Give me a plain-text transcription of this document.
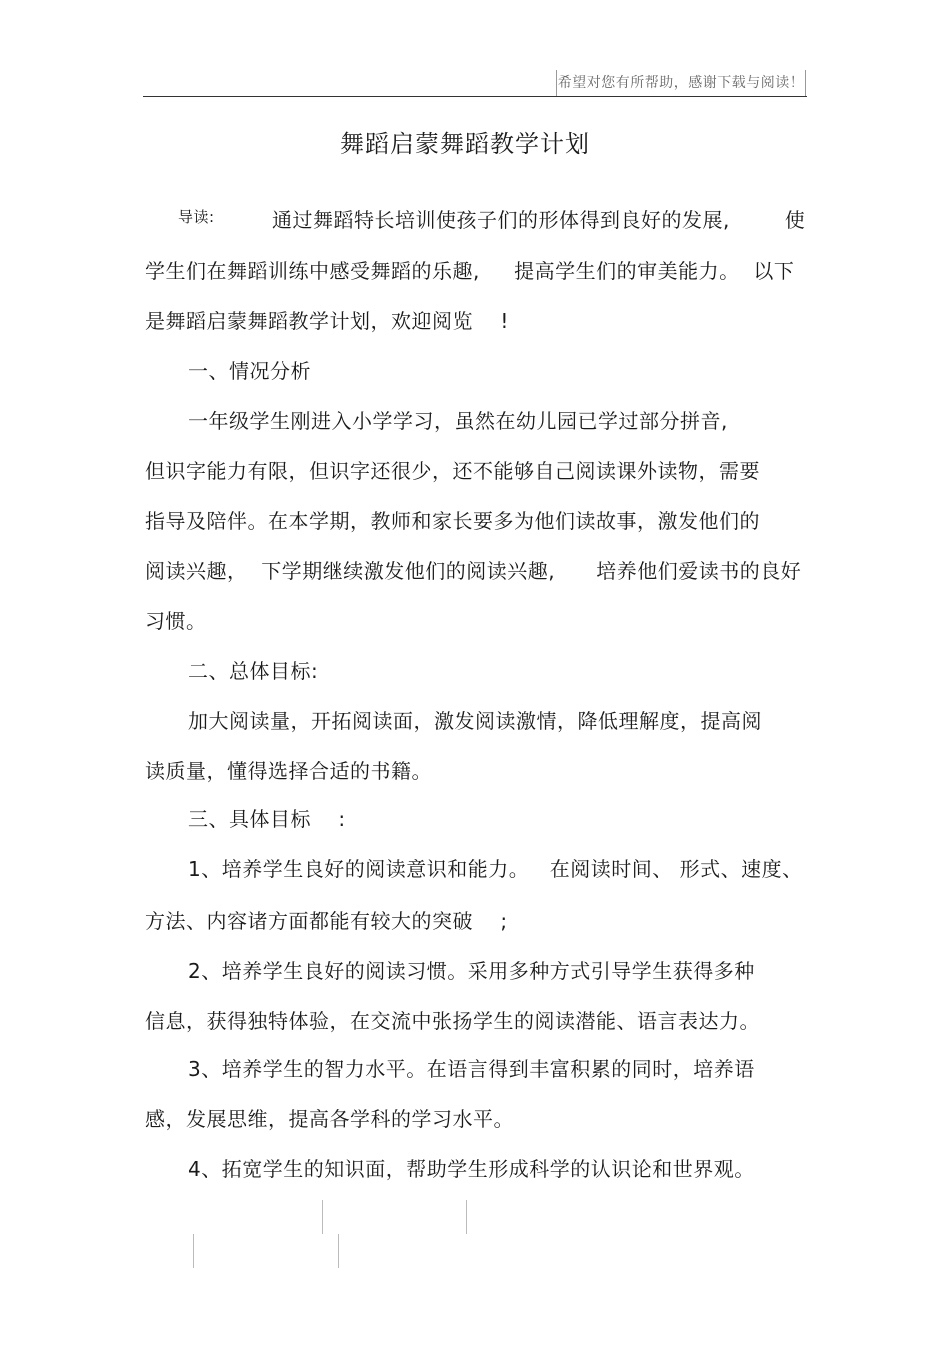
希望对您有所帮助，感谢下载与阅读！
舞蹈启蒙舞蹈教学计划
导读:	通过舞蹈特长培训使孩子们的形体得到良好的发展,        使
学生们在舞蹈训练中感受舞蹈的乐趣,     提高学生们的审美能力。  以下
是舞蹈启蒙舞蹈教学计划，欢迎阅览    !
一、情况分析
一年级学生刚进入小学学习，虽然在幼儿园已学过部分拼音,
但识字能力有限，但识字还很少，还不能够自己阅读课外读物，需要
指导及陪伴。在本学期，教师和家长要多为他们读故事，激发他们的
阅读兴趣，  下学期继续激发他们的阅读兴趣,      培养他们爱读书的良好
习惯。
二、总体目标:
加大阅读量，开拓阅读面，激发阅读激情，降低理解度，提高阅
读质量，懂得选择合适的书籍。
三、具体目标    :
1、培养学生良好的阅读意识和能力。   在阅读时间、 形式、速度、
方法、内容诸方面都能有较大的突破    ;
2、培养学生良好的阅读习惯。采用多种方式引导学生获得多种
信息，获得独特体验，在交流中张扬学生的阅读潜能、语言表达力。
3、培养学生的智力水平。在语言得到丰富积累的同时，培养语
感，发展思维，提高各学科的学习水平。
4、拓宽学生的知识面，帮助学生形成科学的认识论和世界观。
